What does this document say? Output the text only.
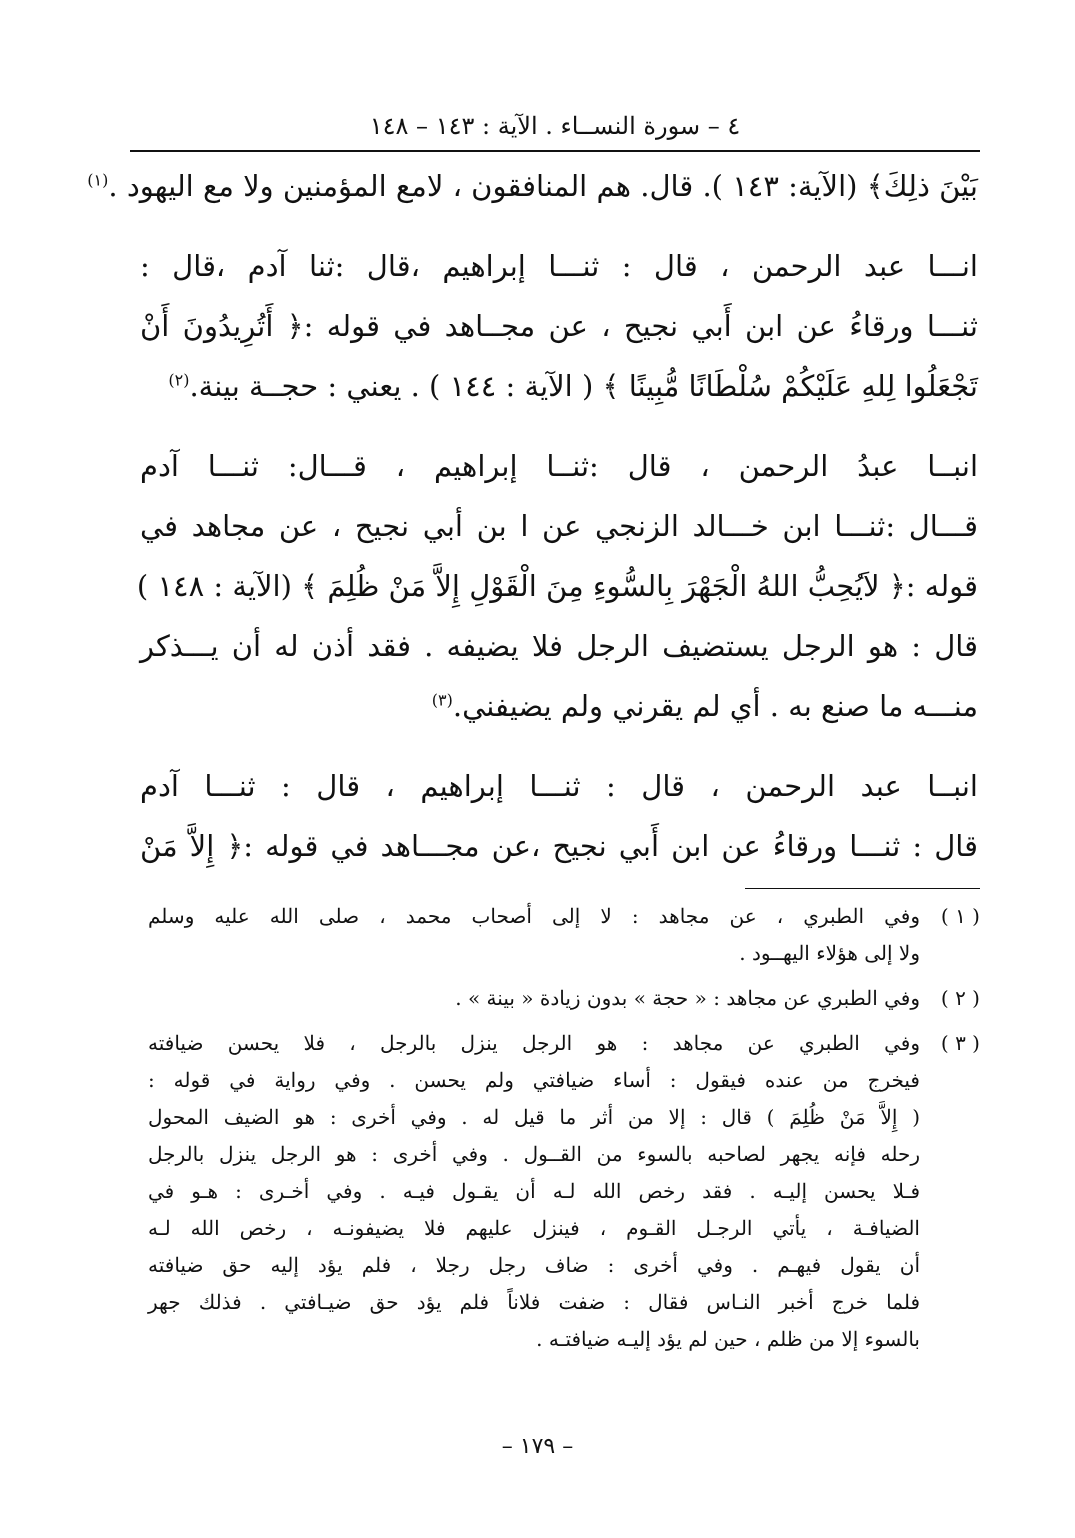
٤ – سورة النســاء . الآية : ١٤٣ – ١٤٨
بَيْنَ ذلِكَ﴾ (الآية: ١٤٣ ). قال. هم المنافقون ، لامع المؤمنين ولا مع اليهود .$^{(١)}$
انـــا عبد الرحمن ، قال : ثنـــا إبراهيم ،قال :ثنا آدم ،قال :
ثنـــا ورقاءُ عن ابن أَبي نجيح ، عن مجــاهد في قوله :﴿ أَتُرِيدُونَ أَنْ
تَجْعَلُوا لِلهِ عَلَيْكُمْ سُلْطَانًا مُّبِينًا ﴾ ( الآية : ١٤٤ ) . يعني : حجــة بينة.$^{(٢)}$
انبــا عبدُ الرحمن ، قال :ثنــا إبراهيم ، قـــال: ثنـــا آدم
قـــال :ثنـــا ابن خـــالد الزنجي عن ا بن أبي نجيح ، عن مجاهد في
قوله :﴿ لاَيُحِبُّ اللهُ الْجَهْرَ بِالسُّوءِ مِنَ الْقَوْلِ إِلاَّ مَنْ ظُلِمَ ﴾ (الآية : ١٤٨ )
قال : هو الرجل يستضيف الرجل فلا يضيفه . فقد أذن له أن يـــذكر
منـــه ما صنع به . أي لم يقرني ولم يضيفني.$^{(٣)}$
انبــا عبد الرحمن ، قال : ثنـــا إبراهيم ، قال : ثنـــا آدم
قال : ثنـــا ورقاءُ عن ابن أَبي نجيح ،عن مجـــاهد في قوله :﴿ إِلاَّ مَنْ
( ١ )
وفي الطبري ، عن مجاهد : لا إلى أصحاب محمد ، صلى الله عليه وسلم
ولا إلى هؤلاء اليهــود .
( ٢ )
وفي الطبري عن مجاهد : « حجة » بدون زيادة « بينة » .
( ٣ )
وفي الطبري عن مجاهد : هو الرجل ينزل بالرجل ، فلا يحسن ضيافته
فيخرج من عنده فيقول : أساء ضيافتي ولم يحسن . وفي رواية في قوله :
( إِلاَّ مَنْ ظُلِمَ ) قال : إلا من أثر ما قيل له . وفي أخرى : هو الضيف المحول
رحله فإنه يجهر لصاحبه بالسوء من القــول . وفي أخرى : هو الرجل ينزل بالرجل
فـلا يحسن إليـه . فقد رخص الله لـه أن يقـول فيـه . وفي أخـرى : هـو في
الضيافـة ، يأتي الرجـل القـوم ، فينزل عليهم فلا يضيفونـه ، رخص الله لـه
أن يقول فيهـم . وفي أخرى : ضاف رجل رجلا ، فلم يؤد إليه حق ضيافته
فلما خرج أخبر النـاس فقال : ضفت فلاناً فلم يؤد حق ضيـافتي . فذلك جهر
بالسوء إلا من ظلم ، حين لم يؤد إليـه ضيافتـه .
– ١٧٩ –
